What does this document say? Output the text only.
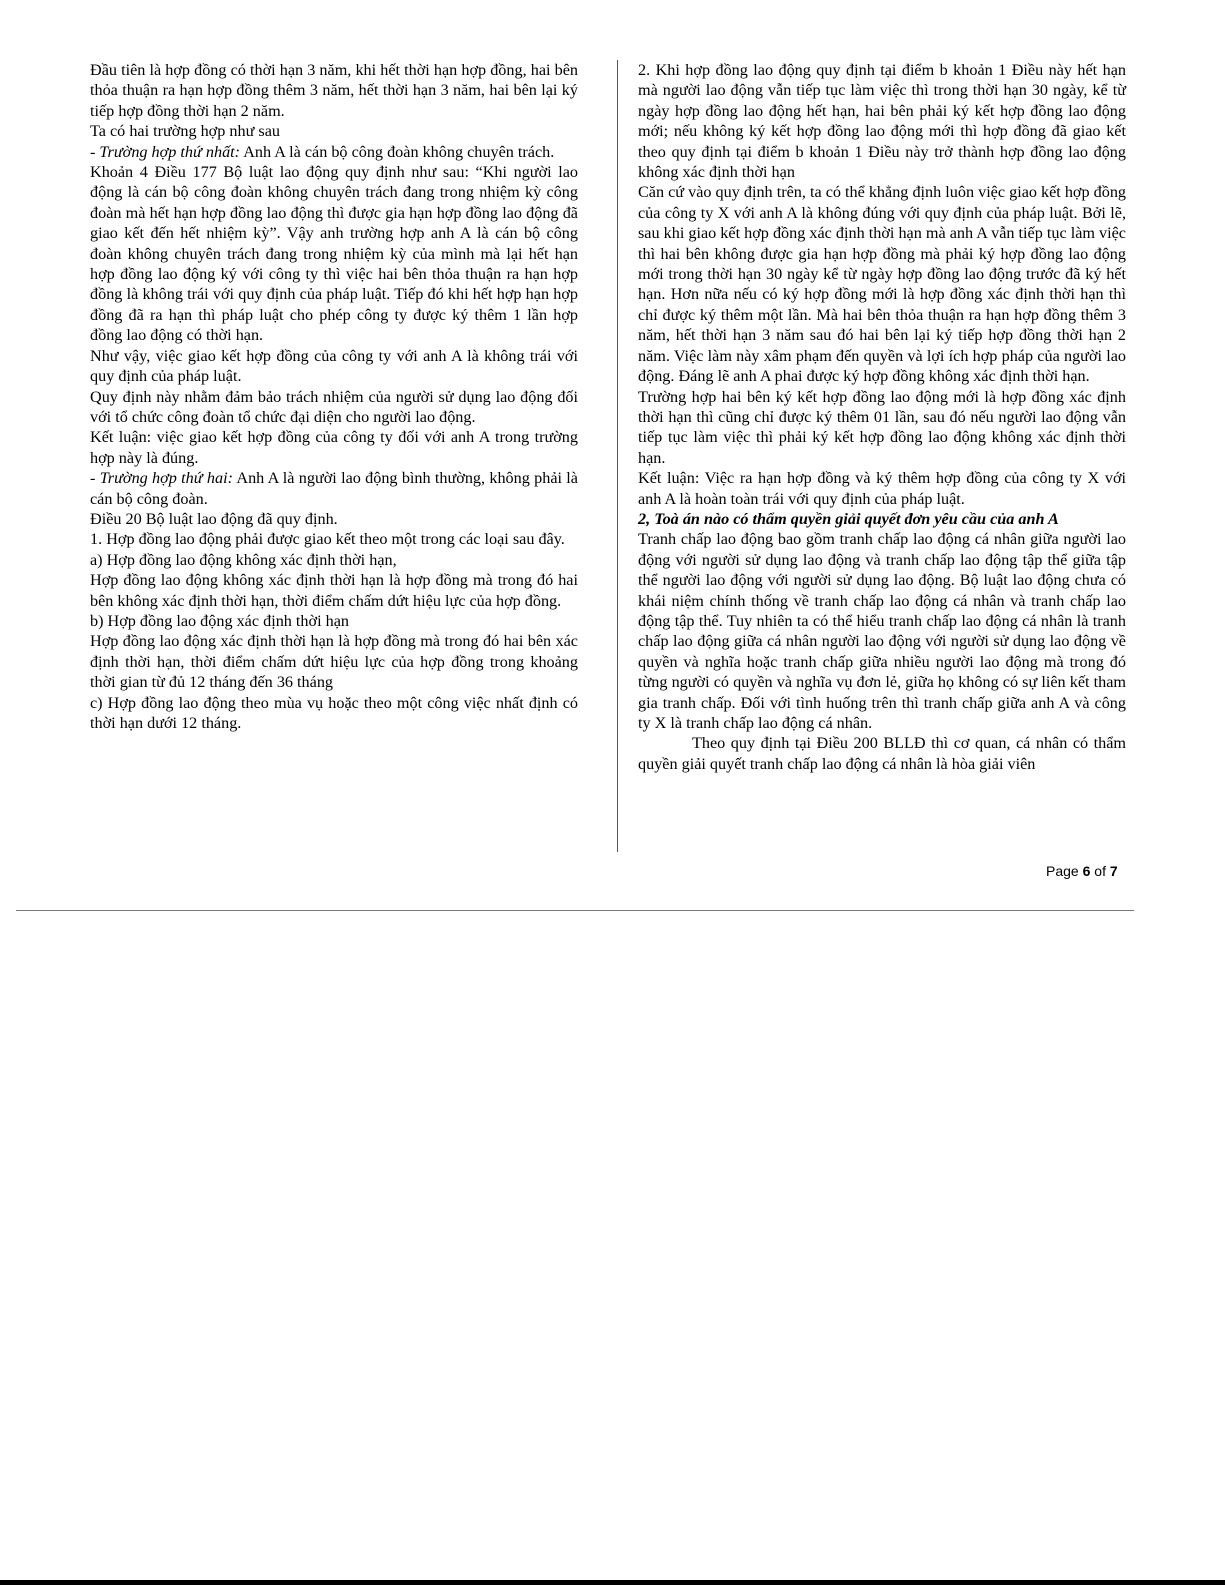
Đầu tiên là hợp đồng có thời hạn 3 năm, khi hết thời hạn hợp đồng, hai bên thỏa thuận ra hạn hợp đồng thêm 3 năm, hết thời hạn 3 năm, hai bên lại ký tiếp hợp đồng thời hạn 2 năm.

Ta có hai trường hợp như sau

- Trường hợp thứ nhất: Anh A là cán bộ công đoàn không chuyên trách.

Khoản 4 Điều 177 Bộ luật lao động quy định như sau: “Khi người lao động là cán bộ công đoàn không chuyên trách đang trong nhiệm kỳ công đoàn mà hết hạn hợp đồng lao động thì được gia hạn hợp đồng lao động đã giao kết đến hết nhiệm kỳ”. Vậy anh trường hợp anh A là cán bộ công đoàn không chuyên trách đang trong nhiệm kỳ của mình mà lại hết hạn hợp đồng lao động ký với công ty thì việc hai bên thỏa thuận ra hạn hợp đồng là không trái với quy định của pháp luật. Tiếp đó khi hết hợp hạn hợp đồng đã ra hạn thì pháp luật cho phép công ty được ký thêm 1 lần hợp đồng lao động có thời hạn.

Như vậy, việc giao kết hợp đồng của công ty với anh A là không trái với quy định của pháp luật.

Quy định này nhằm đảm bảo trách nhiệm của người sử dụng lao động đối với tổ chức công đoàn tổ chức đại diện cho người lao động.

Kết luận: việc giao kết hợp đồng của công ty đối với anh A trong trường hợp này là đúng.

- Trường hợp thứ hai: Anh A là người lao động bình thường, không phải là cán bộ công đoàn.

Điều 20 Bộ luật lao động đã quy định.

1. Hợp đồng lao động phải được giao kết theo một trong các loại sau đây.

a) Hợp đồng lao động không xác định thời hạn,

Hợp đồng lao động không xác định thời hạn là hợp đồng mà trong đó hai bên không xác định thời hạn, thời điểm chấm dứt hiệu lực của hợp đồng.

b) Hợp đồng lao động xác định thời hạn

Hợp đồng lao động xác định thời hạn là hợp đồng mà trong đó hai bên xác định thời hạn, thời điểm chấm dứt hiệu lực của hợp đồng trong khoảng thời gian từ đủ 12 tháng đến 36 tháng

c) Hợp đồng lao động theo mùa vụ hoặc theo một công việc nhất định có thời hạn dưới 12 tháng.

2. Khi hợp đồng lao động quy định tại điểm b khoản 1 Điều này hết hạn mà người lao động vẫn tiếp tục làm việc thì trong thời hạn 30 ngày, kể từ ngày hợp đồng lao động hết hạn, hai bên phải ký kết hợp đồng lao động mới; nếu không ký kết hợp đồng lao động mới thì hợp đồng đã giao kết theo quy định tại điểm b khoản 1 Điều này trở thành hợp đồng lao động không xác định thời hạn

Căn cứ vào quy định trên, ta có thể khẳng định luôn việc giao kết hợp đồng của công ty X với anh A là không đúng với quy định của pháp luật. Bởi lẽ, sau khi giao kết hợp đồng xác định thời hạn mà anh A vẫn tiếp tục làm việc thì hai bên không được gia hạn hợp đồng mà phải ký hợp đồng lao động mới trong thời hạn 30 ngày kể từ ngày hợp đồng lao động trước đã ký hết hạn. Hơn nữa nếu có ký hợp đồng mới là hợp đồng xác định thời hạn thì chỉ được ký thêm một lần. Mà hai bên thỏa thuận ra hạn hợp đồng thêm 3 năm, hết thời hạn 3 năm sau đó hai bên lại ký tiếp hợp đồng thời hạn 2 năm. Việc làm này xâm phạm đến quyền và lợi ích hợp pháp của người lao động. Đáng lẽ anh A phai được ký hợp đồng không xác định thời hạn.

Trường hợp hai bên ký kết hợp đồng lao động mới là hợp đồng xác định thời hạn thì cũng chỉ được ký thêm 01 lần, sau đó nếu người lao động vẫn tiếp tục làm việc thì phải ký kết hợp đồng lao động không xác định thời hạn.

Kết luận: Việc ra hạn hợp đồng và ký thêm hợp đồng của công ty X với anh A là hoàn toàn trái với quy định của pháp luật.

2, Toà án nào có thẩm quyền giải quyết đơn yêu cầu của anh A

Tranh chấp lao động bao gồm tranh chấp lao động cá nhân giữa người lao động với người sử dụng lao động và tranh chấp lao động tập thể giữa tập thể người lao động với người sử dụng lao động. Bộ luật lao động chưa có khái niệm chính thống về tranh chấp lao động cá nhân và tranh chấp lao động tập thể. Tuy nhiên ta có thể hiểu tranh chấp lao động cá nhân là tranh chấp lao động giữa cá nhân người lao động với người sử dụng lao động về quyền và nghĩa hoặc tranh chấp giữa nhiều người lao động mà trong đó từng người có quyền và nghĩa vụ đơn lẻ, giữa họ không có sự liên kết tham gia tranh chấp. Đối với tình huống trên thì tranh chấp giữa anh A và công ty X là tranh chấp lao động cá nhân.

Theo quy định tại Điều 200 BLLĐ thì cơ quan, cá nhân có thẩm quyền giải quyết tranh chấp lao động cá nhân là hòa giải viên

Page 6 of 7
